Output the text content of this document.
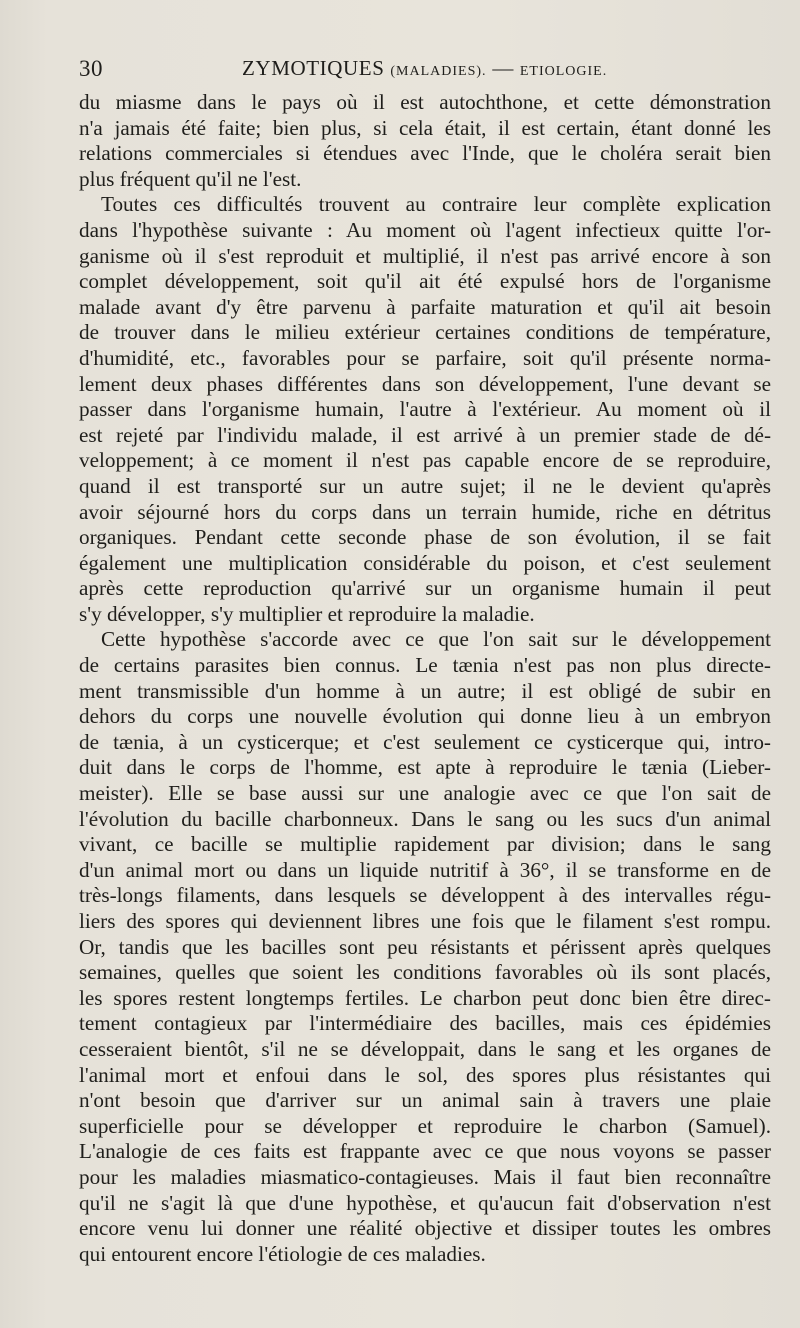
30	ZYMOTIQUES (MALADIES). — ETIOLOGIE.
du miasme dans le pays où il est autochthone, et cette démonstration
n'a jamais été faite; bien plus, si cela était, il est certain, étant donné les
relations commerciales si étendues avec l'Inde, que le choléra serait bien
plus fréquent qu'il ne l'est.
Toutes ces difficultés trouvent au contraire leur complète explication
dans l'hypothèse suivante : Au moment où l'agent infectieux quitte l'or-
ganisme où il s'est reproduit et multiplié, il n'est pas arrivé encore à son
complet développement, soit qu'il ait été expulsé hors de l'organisme
malade avant d'y être parvenu à parfaite maturation et qu'il ait besoin
de trouver dans le milieu extérieur certaines conditions de température,
d'humidité, etc., favorables pour se parfaire, soit qu'il présente norma-
lement deux phases différentes dans son développement, l'une devant se
passer dans l'organisme humain, l'autre à l'extérieur. Au moment où il
est rejeté par l'individu malade, il est arrivé à un premier stade de dé-
veloppement; à ce moment il n'est pas capable encore de se reproduire,
quand il est transporté sur un autre sujet; il ne le devient qu'après
avoir séjourné hors du corps dans un terrain humide, riche en détritus
organiques. Pendant cette seconde phase de son évolution, il se fait
également une multiplication considérable du poison, et c'est seulement
après cette reproduction qu'arrivé sur un organisme humain il peut
s'y développer, s'y multiplier et reproduire la maladie.
Cette hypothèse s'accorde avec ce que l'on sait sur le développement
de certains parasites bien connus. Le tænia n'est pas non plus directe-
ment transmissible d'un homme à un autre; il est obligé de subir en
dehors du corps une nouvelle évolution qui donne lieu à un embryon
de tænia, à un cysticerque; et c'est seulement ce cysticerque qui, intro-
duit dans le corps de l'homme, est apte à reproduire le tænia (Lieber-
meister). Elle se base aussi sur une analogie avec ce que l'on sait de
l'évolution du bacille charbonneux. Dans le sang ou les sucs d'un animal
vivant, ce bacille se multiplie rapidement par division; dans le sang
d'un animal mort ou dans un liquide nutritif à 36°, il se transforme en de
très-longs filaments, dans lesquels se développent à des intervalles régu-
liers des spores qui deviennent libres une fois que le filament s'est rompu.
Or, tandis que les bacilles sont peu résistants et périssent après quelques
semaines, quelles que soient les conditions favorables où ils sont placés,
les spores restent longtemps fertiles. Le charbon peut donc bien être direc-
tement contagieux par l'intermédiaire des bacilles, mais ces épidémies
cesseraient bientôt, s'il ne se développait, dans le sang et les organes de
l'animal mort et enfoui dans le sol, des spores plus résistantes qui
n'ont besoin que d'arriver sur un animal sain à travers une plaie
superficielle pour se développer et reproduire le charbon (Samuel).
L'analogie de ces faits est frappante avec ce que nous voyons se passer
pour les maladies miasmatico-contagieuses. Mais il faut bien reconnaître
qu'il ne s'agit là que d'une hypothèse, et qu'aucun fait d'observation n'est
encore venu lui donner une réalité objective et dissiper toutes les ombres
qui entourent encore l'étiologie de ces maladies.
